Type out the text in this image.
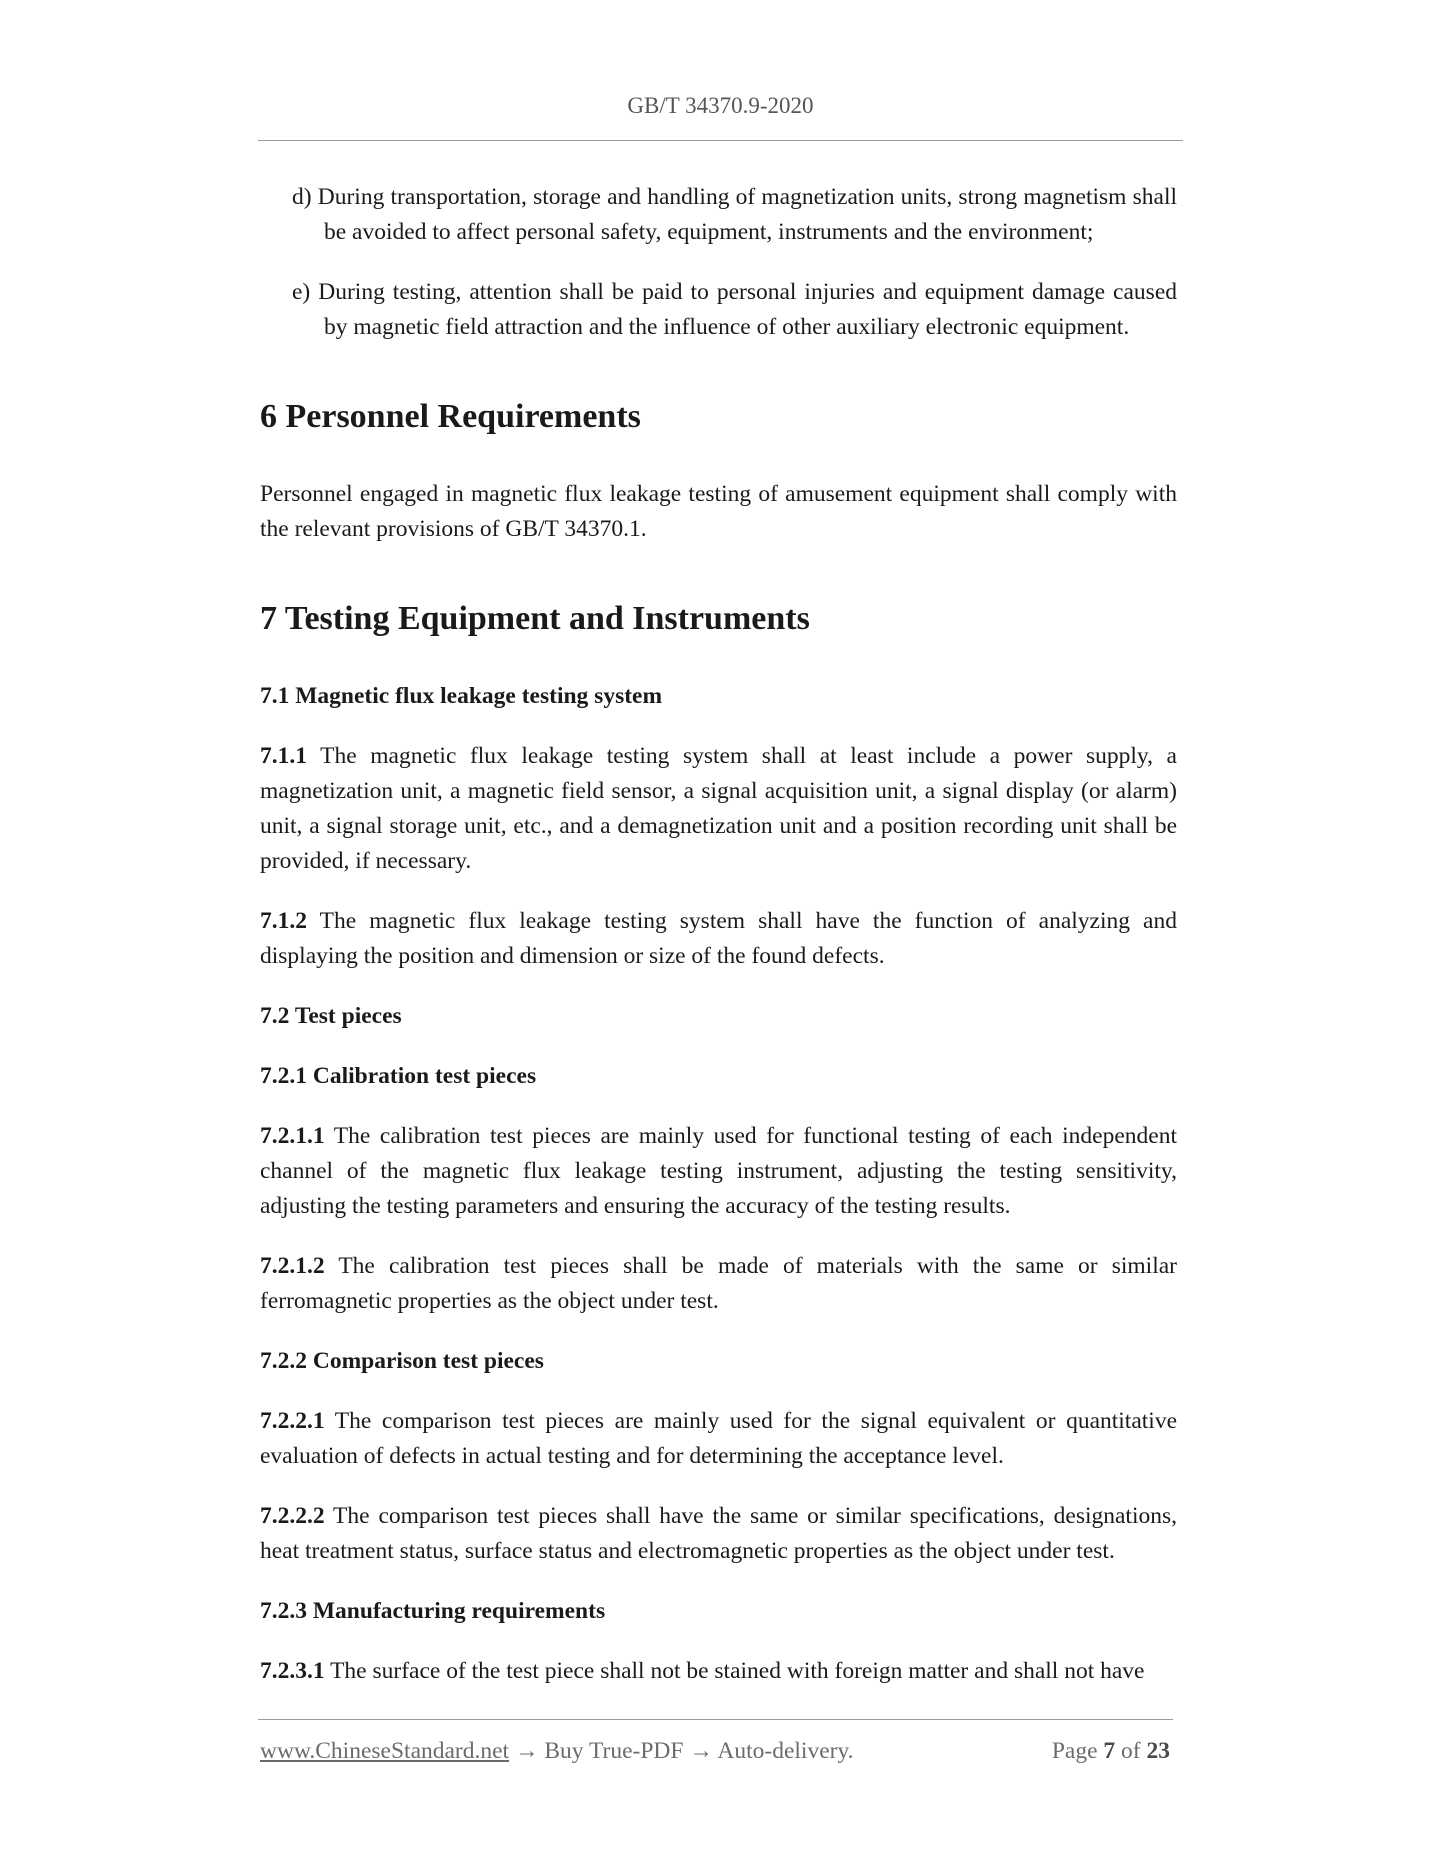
GB/T 34370.9-2020
d) During transportation, storage and handling of magnetization units, strong magnetism shall be avoided to affect personal safety, equipment, instruments and the environment;
e) During testing, attention shall be paid to personal injuries and equipment damage caused by magnetic field attraction and the influence of other auxiliary electronic equipment.
6 Personnel Requirements

Personnel engaged in magnetic flux leakage testing of amusement equipment shall comply with the relevant provisions of GB/T 34370.1.

7 Testing Equipment and Instruments
7.1 Magnetic flux leakage testing system

7.1.1 The magnetic flux leakage testing system shall at least include a power supply, a magnetization unit, a magnetic field sensor, a signal acquisition unit, a signal display (or alarm) unit, a signal storage unit, etc., and a demagnetization unit and a position recording unit shall be provided, if necessary.

7.1.2 The magnetic flux leakage testing system shall have the function of analyzing and displaying the position and dimension or size of the found defects.

7.2 Test pieces
7.2.1 Calibration test pieces

7.2.1.1 The calibration test pieces are mainly used for functional testing of each independent channel of the magnetic flux leakage testing instrument, adjusting the testing sensitivity, adjusting the testing parameters and ensuring the accuracy of the testing results.

7.2.1.2 The calibration test pieces shall be made of materials with the same or similar ferromagnetic properties as the object under test.

7.2.2 Comparison test pieces

7.2.2.1 The comparison test pieces are mainly used for the signal equivalent or quantitative evaluation of defects in actual testing and for determining the acceptance level.

7.2.2.2 The comparison test pieces shall have the same or similar specifications, designations, heat treatment status, surface status and electromagnetic properties as the object under test.

7.2.3 Manufacturing requirements

7.2.3.1 The surface of the test piece shall not be stained with foreign matter and shall not have

www.ChineseStandard.net → Buy True-PDF → Auto-delivery.	Page 7 of 23
